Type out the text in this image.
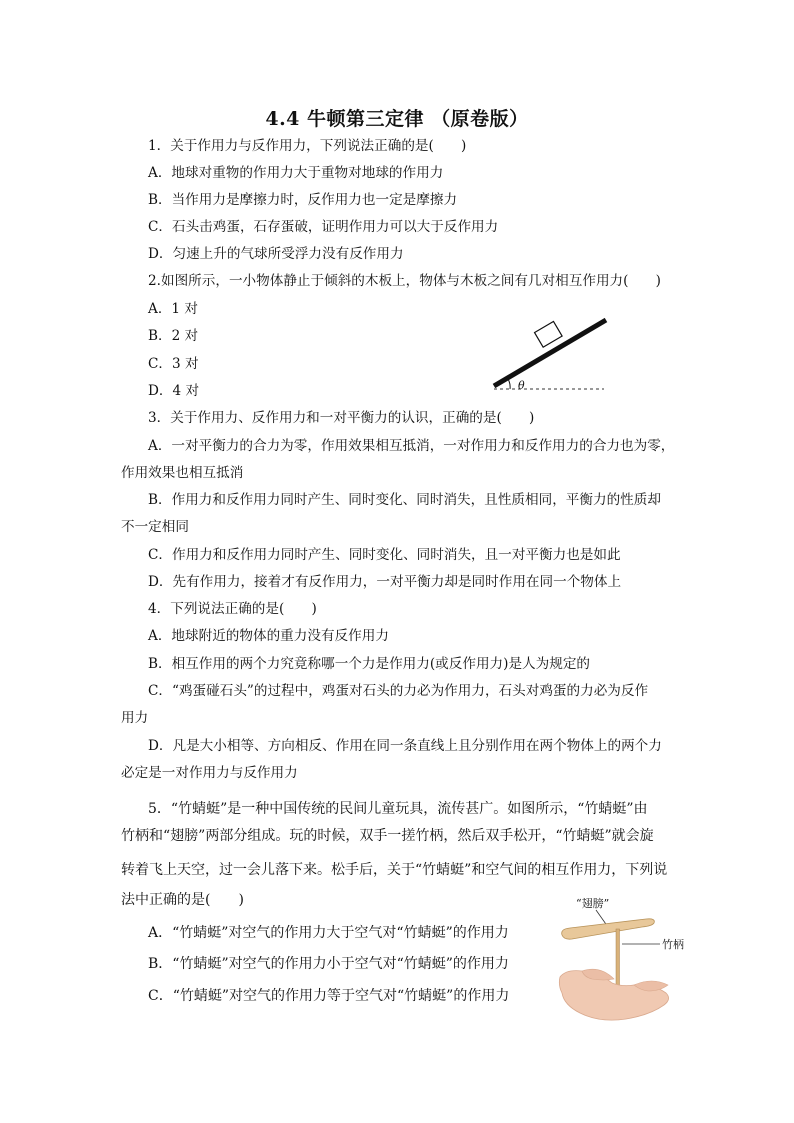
4.4 牛顿第三定律 （原卷版）
1．关于作用力与反作用力，下列说法正确的是(　　)
A．地球对重物的作用力大于重物对地球的作用力
B．当作用力是摩擦力时，反作用力也一定是摩擦力
C．石头击鸡蛋，石存蛋破，证明作用力可以大于反作用力
D．匀速上升的气球所受浮力没有反作用力
2.如图所示，一小物体静止于倾斜的木板上，物体与木板之间有几对相互作用力(　　)
A．1 对
B．2 对
C．3 对
D．4 对	θ
3．关于作用力、反作用力和一对平衡力的认识，正确的是(　　)
A．一对平衡力的合力为零，作用效果相互抵消，一对作用力和反作用力的合力也为零，
作用效果也相互抵消
B．作用力和反作用力同时产生、同时变化、同时消失，且性质相同，平衡力的性质却
不一定相同
C．作用力和反作用力同时产生、同时变化、同时消失，且一对平衡力也是如此
D．先有作用力，接着才有反作用力，一对平衡力却是同时作用在同一个物体上
4．下列说法正确的是(　　)
A．地球附近的物体的重力没有反作用力
B．相互作用的两个力究竟称哪一个力是作用力(或反作用力)是人为规定的
C．“鸡蛋碰石头”的过程中，鸡蛋对石头的力必为作用力，石头对鸡蛋的力必为反作
用力
D．凡是大小相等、方向相反、作用在同一条直线上且分别作用在两个物体上的两个力
必定是一对作用力与反作用力
5．“竹蜻蜓”是一种中国传统的民间儿童玩具，流传甚广。如图所示，“竹蜻蜓”由
竹柄和“翅膀”两部分组成。玩的时候，双手一搓竹柄，然后双手松开，“竹蜻蜓”就会旋
转着飞上天空，过一会儿落下来。松手后，关于“竹蜻蜓”和空气间的相互作用力，下列说
法中正确的是(　　)
A．“竹蜻蜓”对空气的作用力大于空气对“竹蜻蜓”的作用力
B．“竹蜻蜓”对空气的作用力小于空气对“竹蜻蜓”的作用力
C．“竹蜻蜓”对空气的作用力等于空气对“竹蜻蜓”的作用力
“翅膀”
竹柄
